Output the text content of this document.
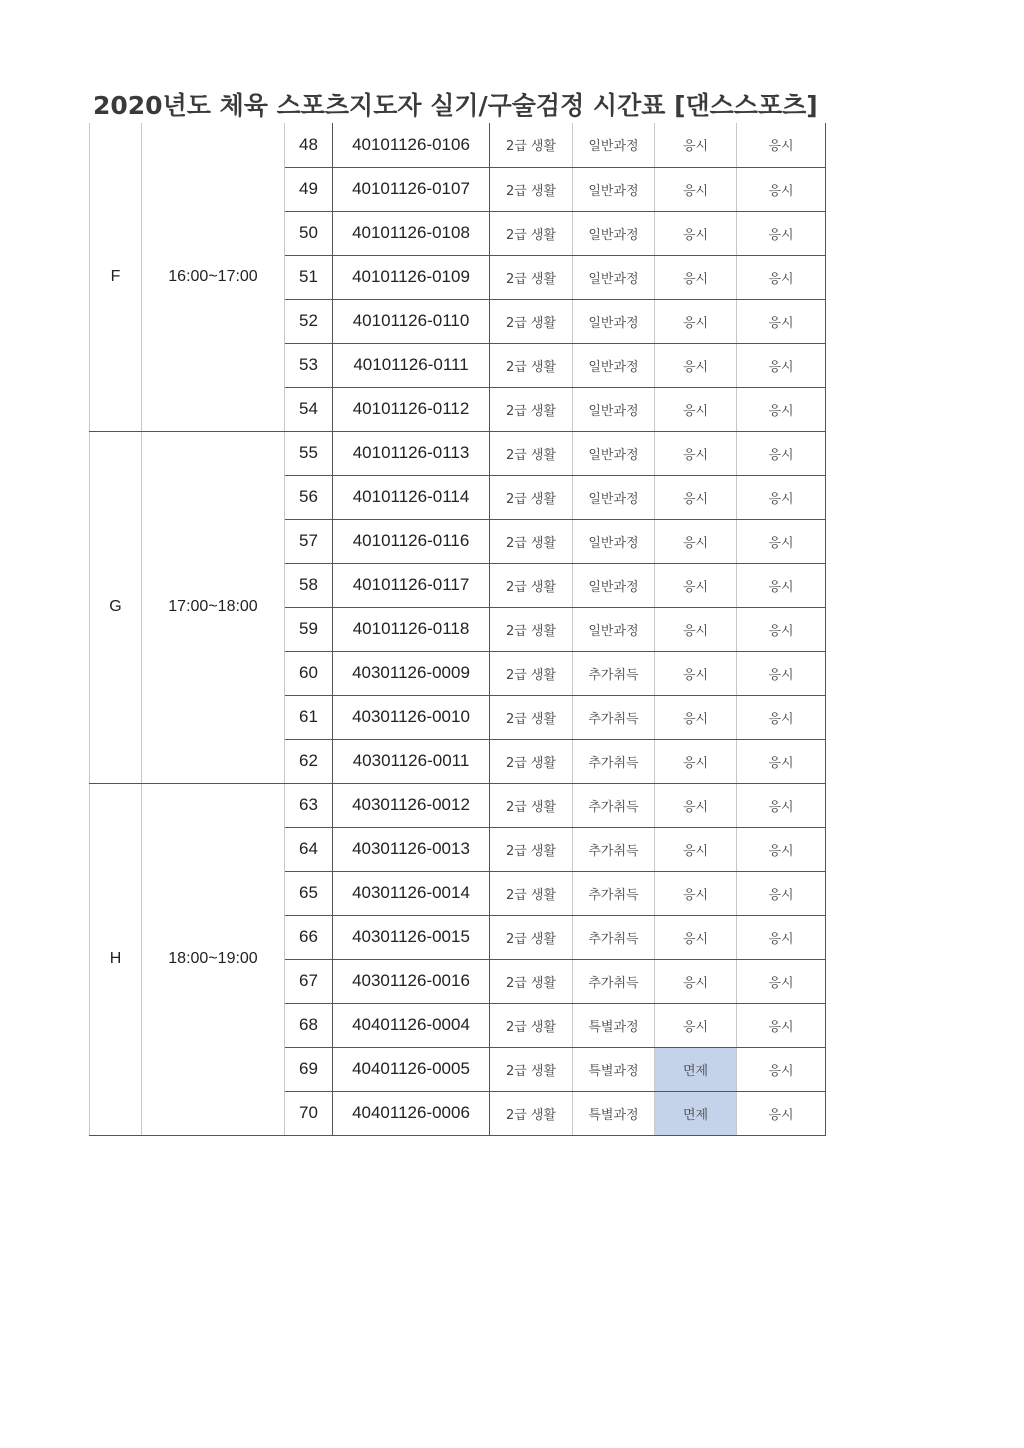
2020년도 체육 스포츠지도자 실기/구술검정 시간표 [댄스스포츠]
F	16:00~17:00	48	40101126-0106	2급 생활	일반과정	응시	응시
		49	40101126-0107	2급 생활	일반과정	응시	응시
		50	40101126-0108	2급 생활	일반과정	응시	응시
		51	40101126-0109	2급 생활	일반과정	응시	응시
		52	40101126-0110	2급 생활	일반과정	응시	응시
		53	40101126-0111	2급 생활	일반과정	응시	응시
		54	40101126-0112	2급 생활	일반과정	응시	응시
G	17:00~18:00	55	40101126-0113	2급 생활	일반과정	응시	응시
		56	40101126-0114	2급 생활	일반과정	응시	응시
		57	40101126-0116	2급 생활	일반과정	응시	응시
		58	40101126-0117	2급 생활	일반과정	응시	응시
		59	40101126-0118	2급 생활	일반과정	응시	응시
		60	40301126-0009	2급 생활	추가취득	응시	응시
		61	40301126-0010	2급 생활	추가취득	응시	응시
		62	40301126-0011	2급 생활	추가취득	응시	응시
H	18:00~19:00	63	40301126-0012	2급 생활	추가취득	응시	응시
		64	40301126-0013	2급 생활	추가취득	응시	응시
		65	40301126-0014	2급 생활	추가취득	응시	응시
		66	40301126-0015	2급 생활	추가취득	응시	응시
		67	40301126-0016	2급 생활	추가취득	응시	응시
		68	40401126-0004	2급 생활	특별과정	응시	응시
		69	40401126-0005	2급 생활	특별과정	면제	응시
		70	40401126-0006	2급 생활	특별과정	면제	응시
